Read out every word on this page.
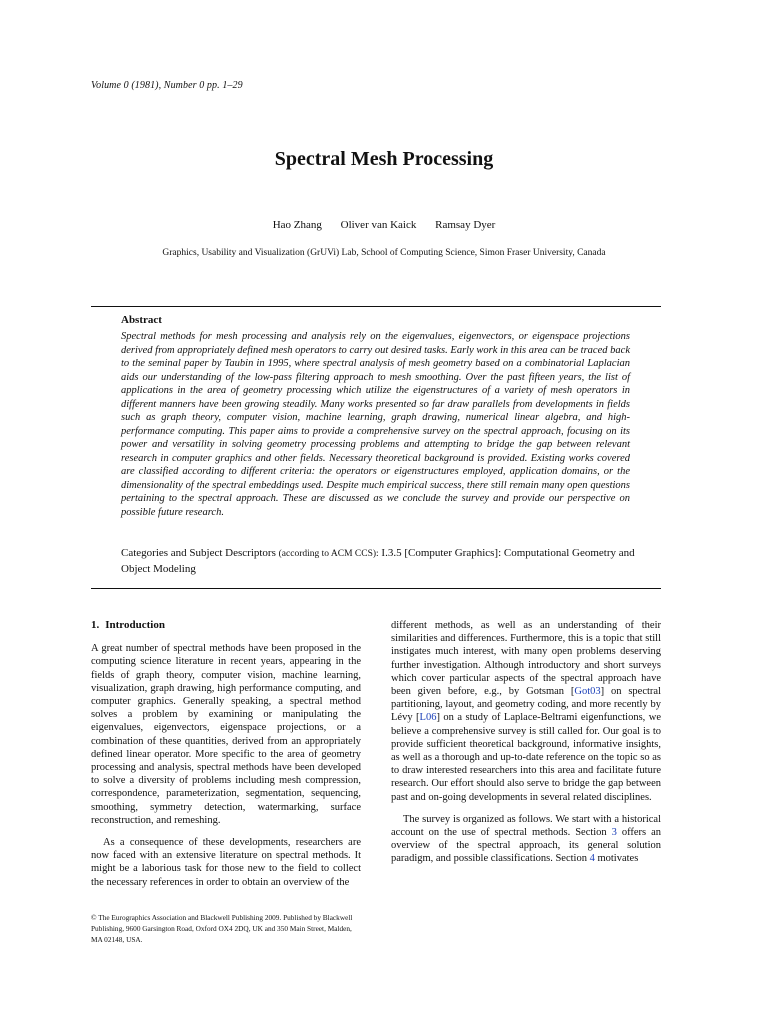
Volume 0 (1981), Number 0 pp. 1–29
Spectral Mesh Processing
Hao Zhang Oliver van Kaick Ramsay Dyer
Graphics, Usability and Visualization (GrUVi) Lab, School of Computing Science, Simon Fraser University, Canada
Abstract

Spectral methods for mesh processing and analysis rely on the eigenvalues, eigenvectors, or eigenspace projections derived from appropriately defined mesh operators to carry out desired tasks. Early work in this area can be traced back to the seminal paper by Taubin in 1995, where spectral analysis of mesh geometry based on a combinatorial Laplacian aids our understanding of the low-pass filtering approach to mesh smoothing. Over the past fifteen years, the list of applications in the area of geometry processing which utilize the eigenstructures of a variety of mesh operators in different manners have been growing steadily. Many works presented so far draw parallels from developments in fields such as graph theory, computer vision, machine learning, graph drawing, numerical linear algebra, and high-performance computing. This paper aims to provide a comprehensive survey on the spectral approach, focusing on its power and versatility in solving geometry processing problems and attempting to bridge the gap between relevant research in computer graphics and other fields. Necessary theoretical background is provided. Existing works covered are classified according to different criteria: the operators or eigenstructures employed, application domains, or the dimensionality of the spectral embeddings used. Despite much empirical success, there still remain many open questions pertaining to the spectral approach. These are discussed as we conclude the survey and provide our perspective on possible future research.

Categories and Subject Descriptors (according to ACM CCS): I.3.5 [Computer Graphics]: Computational Geometry and Object Modeling

1. Introduction

A great number of spectral methods have been proposed in the computing science literature in recent years, appearing in the fields of graph theory, computer vision, machine learning, visualization, graph drawing, high performance computing, and computer graphics. Generally speaking, a spectral method solves a problem by examining or manipulating the eigenvalues, eigenvectors, eigenspace projections, or a combination of these quantities, derived from an appropriately defined linear operator. More specific to the area of geometry processing and analysis, spectral methods have been developed to solve a diversity of problems including mesh compression, correspondence, parameterization, segmentation, sequencing, smoothing, symmetry detection, watermarking, surface reconstruction, and remeshing.

As a consequence of these developments, researchers are now faced with an extensive literature on spectral methods. It might be a laborious task for those new to the field to collect the necessary references in order to obtain an overview of the

different methods, as well as an understanding of their similarities and differences. Furthermore, this is a topic that still instigates much interest, with many open problems deserving further investigation. Although introductory and short surveys which cover particular aspects of the spectral approach have been given before, e.g., by Gotsman [Got03] on spectral partitioning, layout, and geometry coding, and more recently by Lévy [L06] on a study of Laplace-Beltrami eigenfunctions, we believe a comprehensive survey is still called for. Our goal is to provide sufficient theoretical background, informative insights, as well as a thorough and up-to-date reference on the topic so as to draw interested researchers into this area and facilitate future research. Our effort should also serve to bridge the gap between past and on-going developments in several related disciplines.

The survey is organized as follows. We start with a historical account on the use of spectral methods. Section 3 offers an overview of the spectral approach, its general solution paradigm, and possible classifications. Section 4 motivates

© The Eurographics Association and Blackwell Publishing 2009. Published by Blackwell Publishing, 9600 Garsington Road, Oxford OX4 2DQ, UK and 350 Main Street, Malden, MA 02148, USA.
